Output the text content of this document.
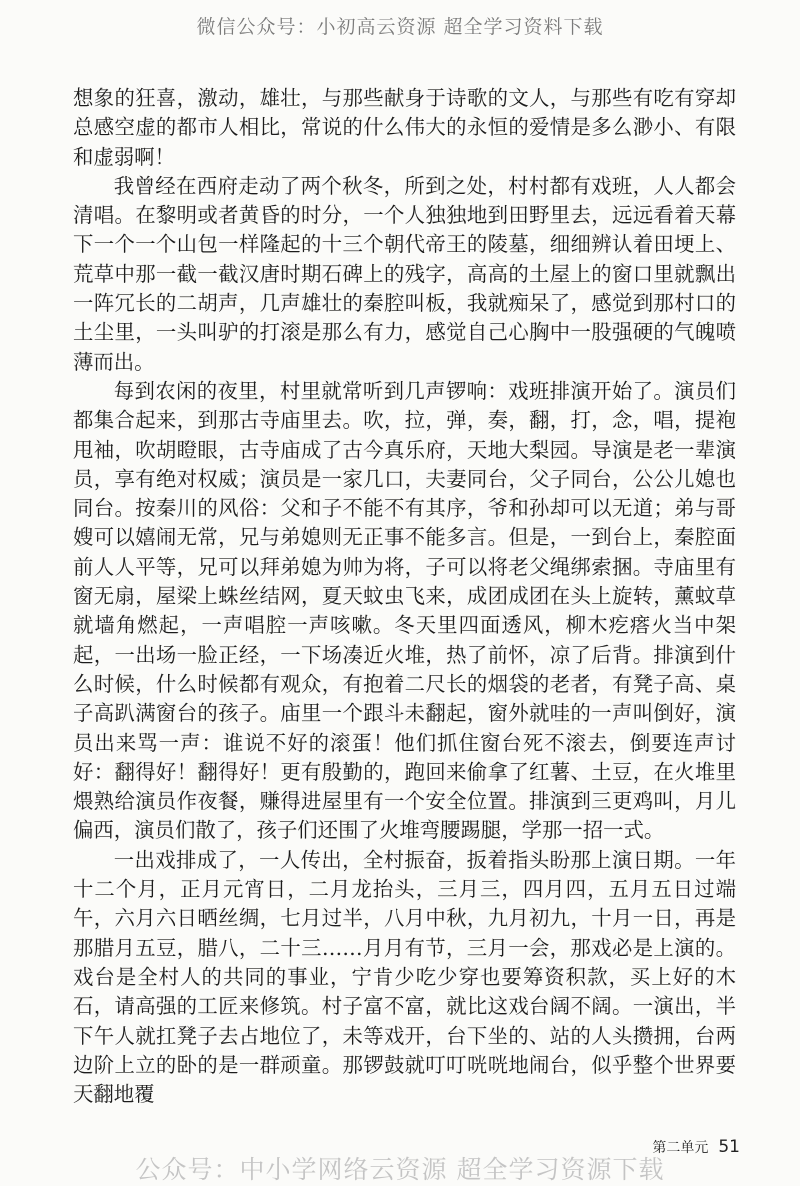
微信公众号：小初高云资源 超全学习资料下载

想象的狂喜，激动，雄壮，与那些献身于诗歌的文人，与那些有吃有穿却总感空虚的都市人相比，常说的什么伟大的永恒的爱情是多么渺小、有限和虚弱啊！

我曾经在西府走动了两个秋冬，所到之处，村村都有戏班，人人都会清唱。在黎明或者黄昏的时分，一个人独独地到田野里去，远远看着天幕下一个一个山包一样隆起的十三个朝代帝王的陵墓，细细辨认着田埂上、荒草中那一截一截汉唐时期石碑上的残字，高高的土屋上的窗口里就飘出一阵冗长的二胡声，几声雄壮的秦腔叫板，我就痴呆了，感觉到那村口的土尘里，一头叫驴的打滚是那么有力，感觉自己心胸中一股强硬的气魄喷薄而出。

每到农闲的夜里，村里就常听到几声锣响：戏班排演开始了。演员们都集合起来，到那古寺庙里去。吹，拉，弹，奏，翻，打，念，唱，提袍甩袖，吹胡瞪眼，古寺庙成了古今真乐府，天地大梨园。导演是老一辈演员，享有绝对权威；演员是一家几口，夫妻同台，父子同台，公公儿媳也同台。按秦川的风俗：父和子不能不有其序，爷和孙却可以无道；弟与哥嫂可以嬉闹无常，兄与弟媳则无正事不能多言。但是，一到台上，秦腔面前人人平等，兄可以拜弟媳为帅为将，子可以将老父绳绑索捆。寺庙里有窗无扇，屋梁上蛛丝结网，夏天蚊虫飞来，成团成团在头上旋转，薰蚊草就墙角燃起，一声唱腔一声咳嗽。冬天里四面透风，柳木疙瘩火当中架起，一出场一脸正经，一下场凑近火堆，热了前怀，凉了后背。排演到什么时候，什么时候都有观众，有抱着二尺长的烟袋的老者，有凳子高、桌子高趴满窗台的孩子。庙里一个跟斗未翻起，窗外就哇的一声叫倒好，演员出来骂一声：谁说不好的滚蛋！他们抓住窗台死不滚去，倒要连声讨好：翻得好！翻得好！更有殷勤的，跑回来偷拿了红薯、土豆，在火堆里煨熟给演员作夜餐，赚得进屋里有一个安全位置。排演到三更鸡叫，月儿偏西，演员们散了，孩子们还围了火堆弯腰踢腿，学那一招一式。

一出戏排成了，一人传出，全村振奋，扳着指头盼那上演日期。一年十二个月，正月元宵日，二月龙抬头，三月三，四月四，五月五日过端午，六月六日晒丝绸，七月过半，八月中秋，九月初九，十月一日，再是那腊月五豆，腊八，二十三……月月有节，三月一会，那戏必是上演的。戏台是全村人的共同的事业，宁肯少吃少穿也要筹资积款，买上好的木石，请高强的工匠来修筑。村子富不富，就比这戏台阔不阔。一演出，半下午人就扛凳子去占地位了，未等戏开，台下坐的、站的人头攒拥，台两边阶上立的卧的是一群顽童。那锣鼓就叮叮咣咣地闹台，似乎整个世界要天翻地覆

第二单元 51
公众号：中小学网络云资源 超全学习资源下载
